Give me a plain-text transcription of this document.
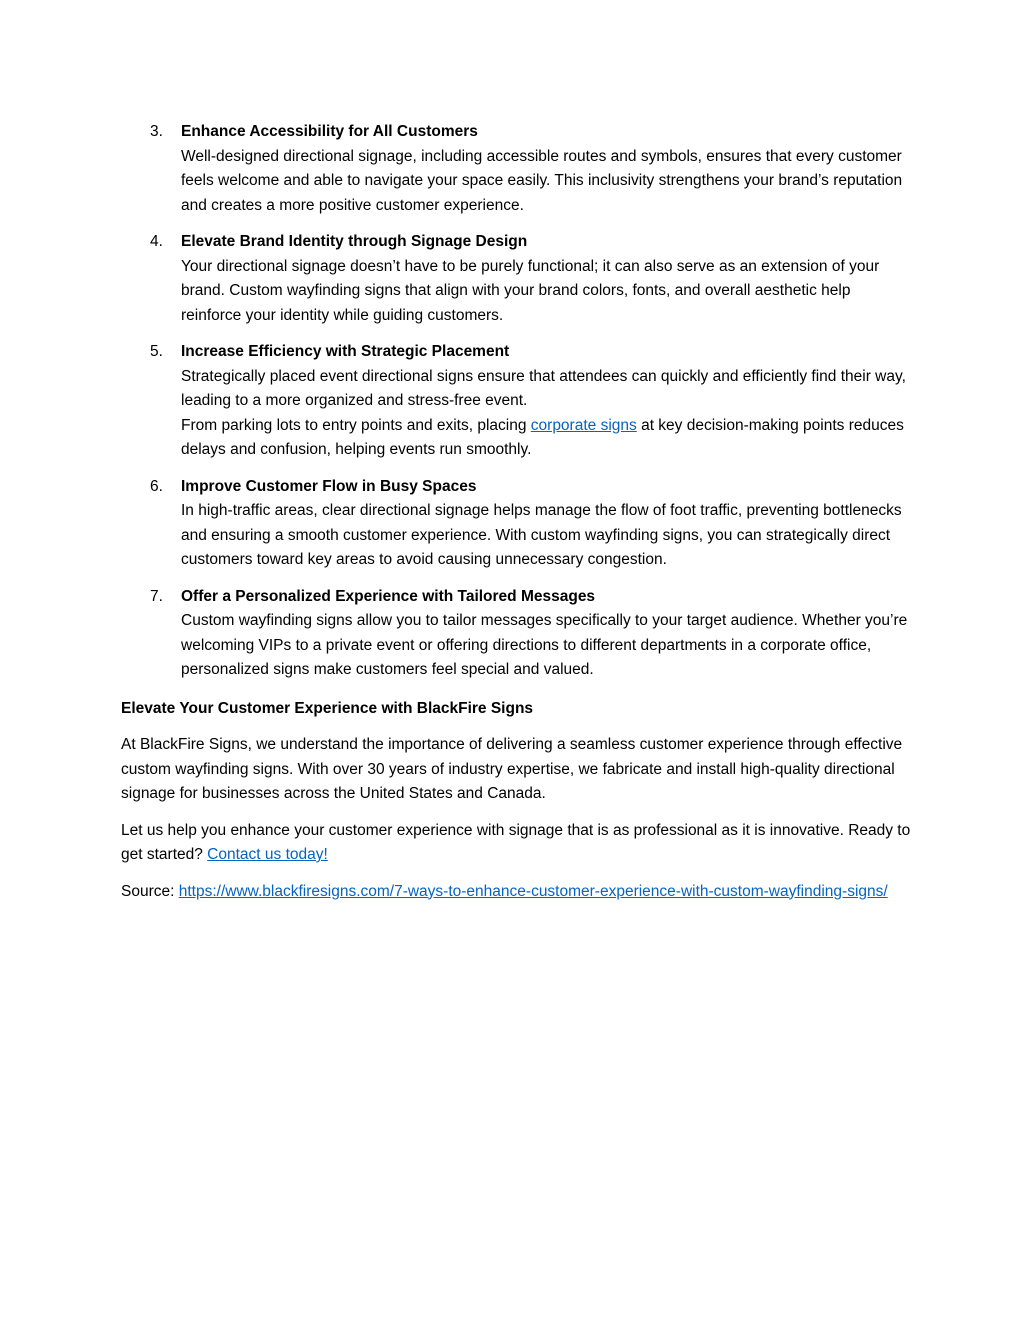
3. Enhance Accessibility for All Customers
Well-designed directional signage, including accessible routes and symbols, ensures that every customer feels welcome and able to navigate your space easily. This inclusivity strengthens your brand’s reputation and creates a more positive customer experience.
4. Elevate Brand Identity through Signage Design
Your directional signage doesn’t have to be purely functional; it can also serve as an extension of your brand. Custom wayfinding signs that align with your brand colors, fonts, and overall aesthetic help reinforce your identity while guiding customers.
5. Increase Efficiency with Strategic Placement
Strategically placed event directional signs ensure that attendees can quickly and efficiently find their way, leading to a more organized and stress-free event.
From parking lots to entry points and exits, placing corporate signs at key decision-making points reduces delays and confusion, helping events run smoothly.
6. Improve Customer Flow in Busy Spaces
In high-traffic areas, clear directional signage helps manage the flow of foot traffic, preventing bottlenecks and ensuring a smooth customer experience. With custom wayfinding signs, you can strategically direct customers toward key areas to avoid causing unnecessary congestion.
7. Offer a Personalized Experience with Tailored Messages
Custom wayfinding signs allow you to tailor messages specifically to your target audience. Whether you’re welcoming VIPs to a private event or offering directions to different departments in a corporate office, personalized signs make customers feel special and valued.
Elevate Your Customer Experience with BlackFire Signs

At BlackFire Signs, we understand the importance of delivering a seamless customer experience through effective custom wayfinding signs. With over 30 years of industry expertise, we fabricate and install high-quality directional signage for businesses across the United States and Canada.

Let us help you enhance your customer experience with signage that is as professional as it is innovative. Ready to get started? Contact us today!

Source: https://www.blackfiresigns.com/7-ways-to-enhance-customer-experience-with-custom-wayfinding-signs/
